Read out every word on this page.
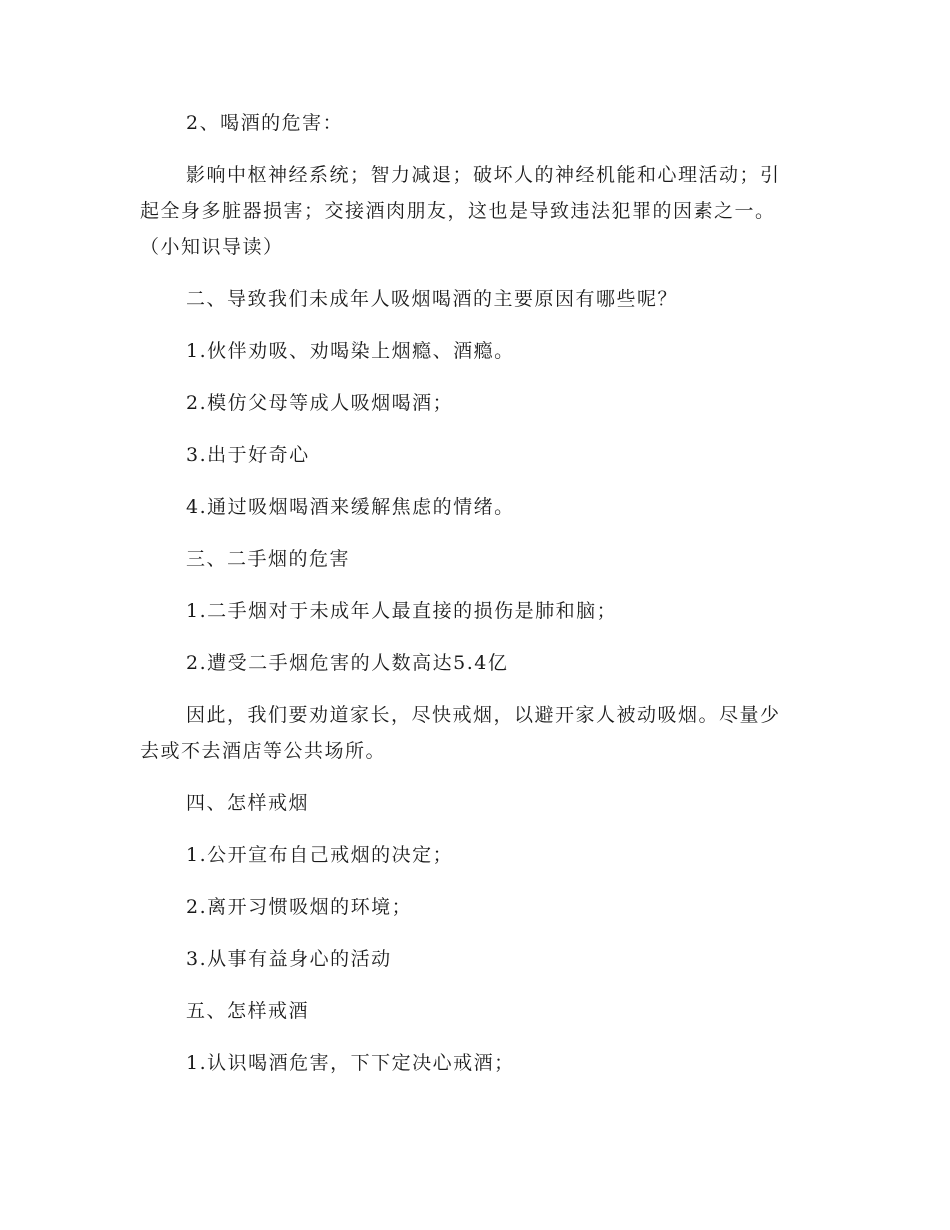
2、喝酒的危害：

影响中枢神经系统；智力减退；破坏人的神经机能和心理活动；引起全身多脏器损害；交接酒肉朋友，这也是导致违法犯罪的因素之一。（小知识导读）

二、导致我们未成年人吸烟喝酒的主要原因有哪些呢？

1.伙伴劝吸、劝喝染上烟瘾、酒瘾。

2.模仿父母等成人吸烟喝酒；

3.出于好奇心

4.通过吸烟喝酒来缓解焦虑的情绪。

三、二手烟的危害

1.二手烟对于未成年人最直接的损伤是肺和脑；

2.遭受二手烟危害的人数高达5.4亿

因此，我们要劝道家长，尽快戒烟，以避开家人被动吸烟。尽量少去或不去酒店等公共场所。

四、怎样戒烟

1.公开宣布自己戒烟的决定；

2.离开习惯吸烟的环境；

3.从事有益身心的活动

五、怎样戒酒

1.认识喝酒危害，下下定决心戒酒；
